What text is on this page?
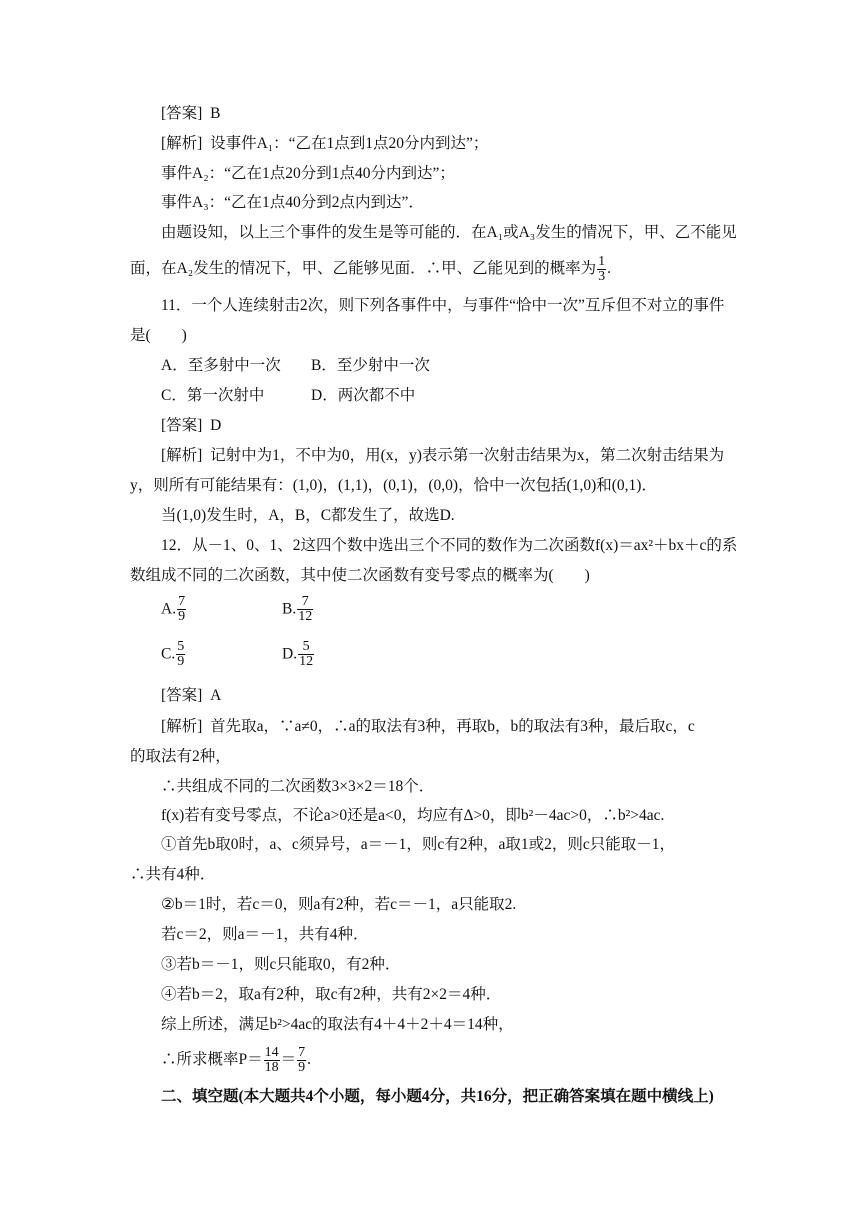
[答案] B
[解析] 设事件A₁：“乙在1点到1点20分内到达”；
事件A₂：“乙在1点20分到1点40分内到达”；
事件A₃：“乙在1点40分到2点内到达”．
由题设知，以上三个事件的发生是等可能的．在A₁或A₃发生的情况下，甲、乙不能见
面，在A₂发生的情况下，甲、乙能够见面．∴甲、乙能见到的概率为 $\frac{1}{3}$ .
11．一个人连续射击2次，则下列各事件中，与事件“恰中一次”互斥但不对立的事件
是(　　)
A．至多射中一次 B．至少射中一次
C．第一次射中	D．两次都不中
[答案] D
[解析] 记射中为1，不中为0，用(x，y)表示第一次射击结果为x，第二次射击结果为
y，则所有可能结果有：(1,0)，(1,1)，(0,1)，(0,0)，恰中一次包括(1,0)和(0,1)．
当(1,0)发生时，A，B，C都发生了，故选D.
12．从－1、0、1、2这四个数中选出三个不同的数作为二次函数f(x)＝ax²＋bx＋c的系
数组成不同的二次函数，其中使二次函数有变号零点的概率为(　　)
A. $\frac{7}{9}$	B. $\frac{7}{12}$
C. $\frac{5}{9}$	D. $\frac{5}{12}$
[答案] A
[解析] 首先取a，∵a≠0，∴a的取法有3种，再取b，b的取法有3种，最后取c，c
的取法有2种，
∴共组成不同的二次函数3×3×2＝18个．
f(x)若有变号零点，不论a>0还是a<0，均应有Δ>0，即b²－4ac>0，∴b²>4ac.
①首先b取0时，a、c须异号，a＝－1，则c有2种，a取1或2，则c只能取－1，
∴共有4种．
②b＝1时，若c＝0，则a有2种，若c＝－1，a只能取2.
若c＝2，则a＝－1，共有4种．
③若b＝－1，则c只能取0，有2种．
④若b＝2，取a有2种，取c有2种，共有2×2＝4种．
综上所述，满足b²>4ac的取法有4＋4＋2＋4＝14种，
∴所求概率$P= \frac{14}{18} = \frac{7}{9}$ .
二、填空题(本大题共4个小题，每小题4分，共16分，把正确答案填在题中横线上)
